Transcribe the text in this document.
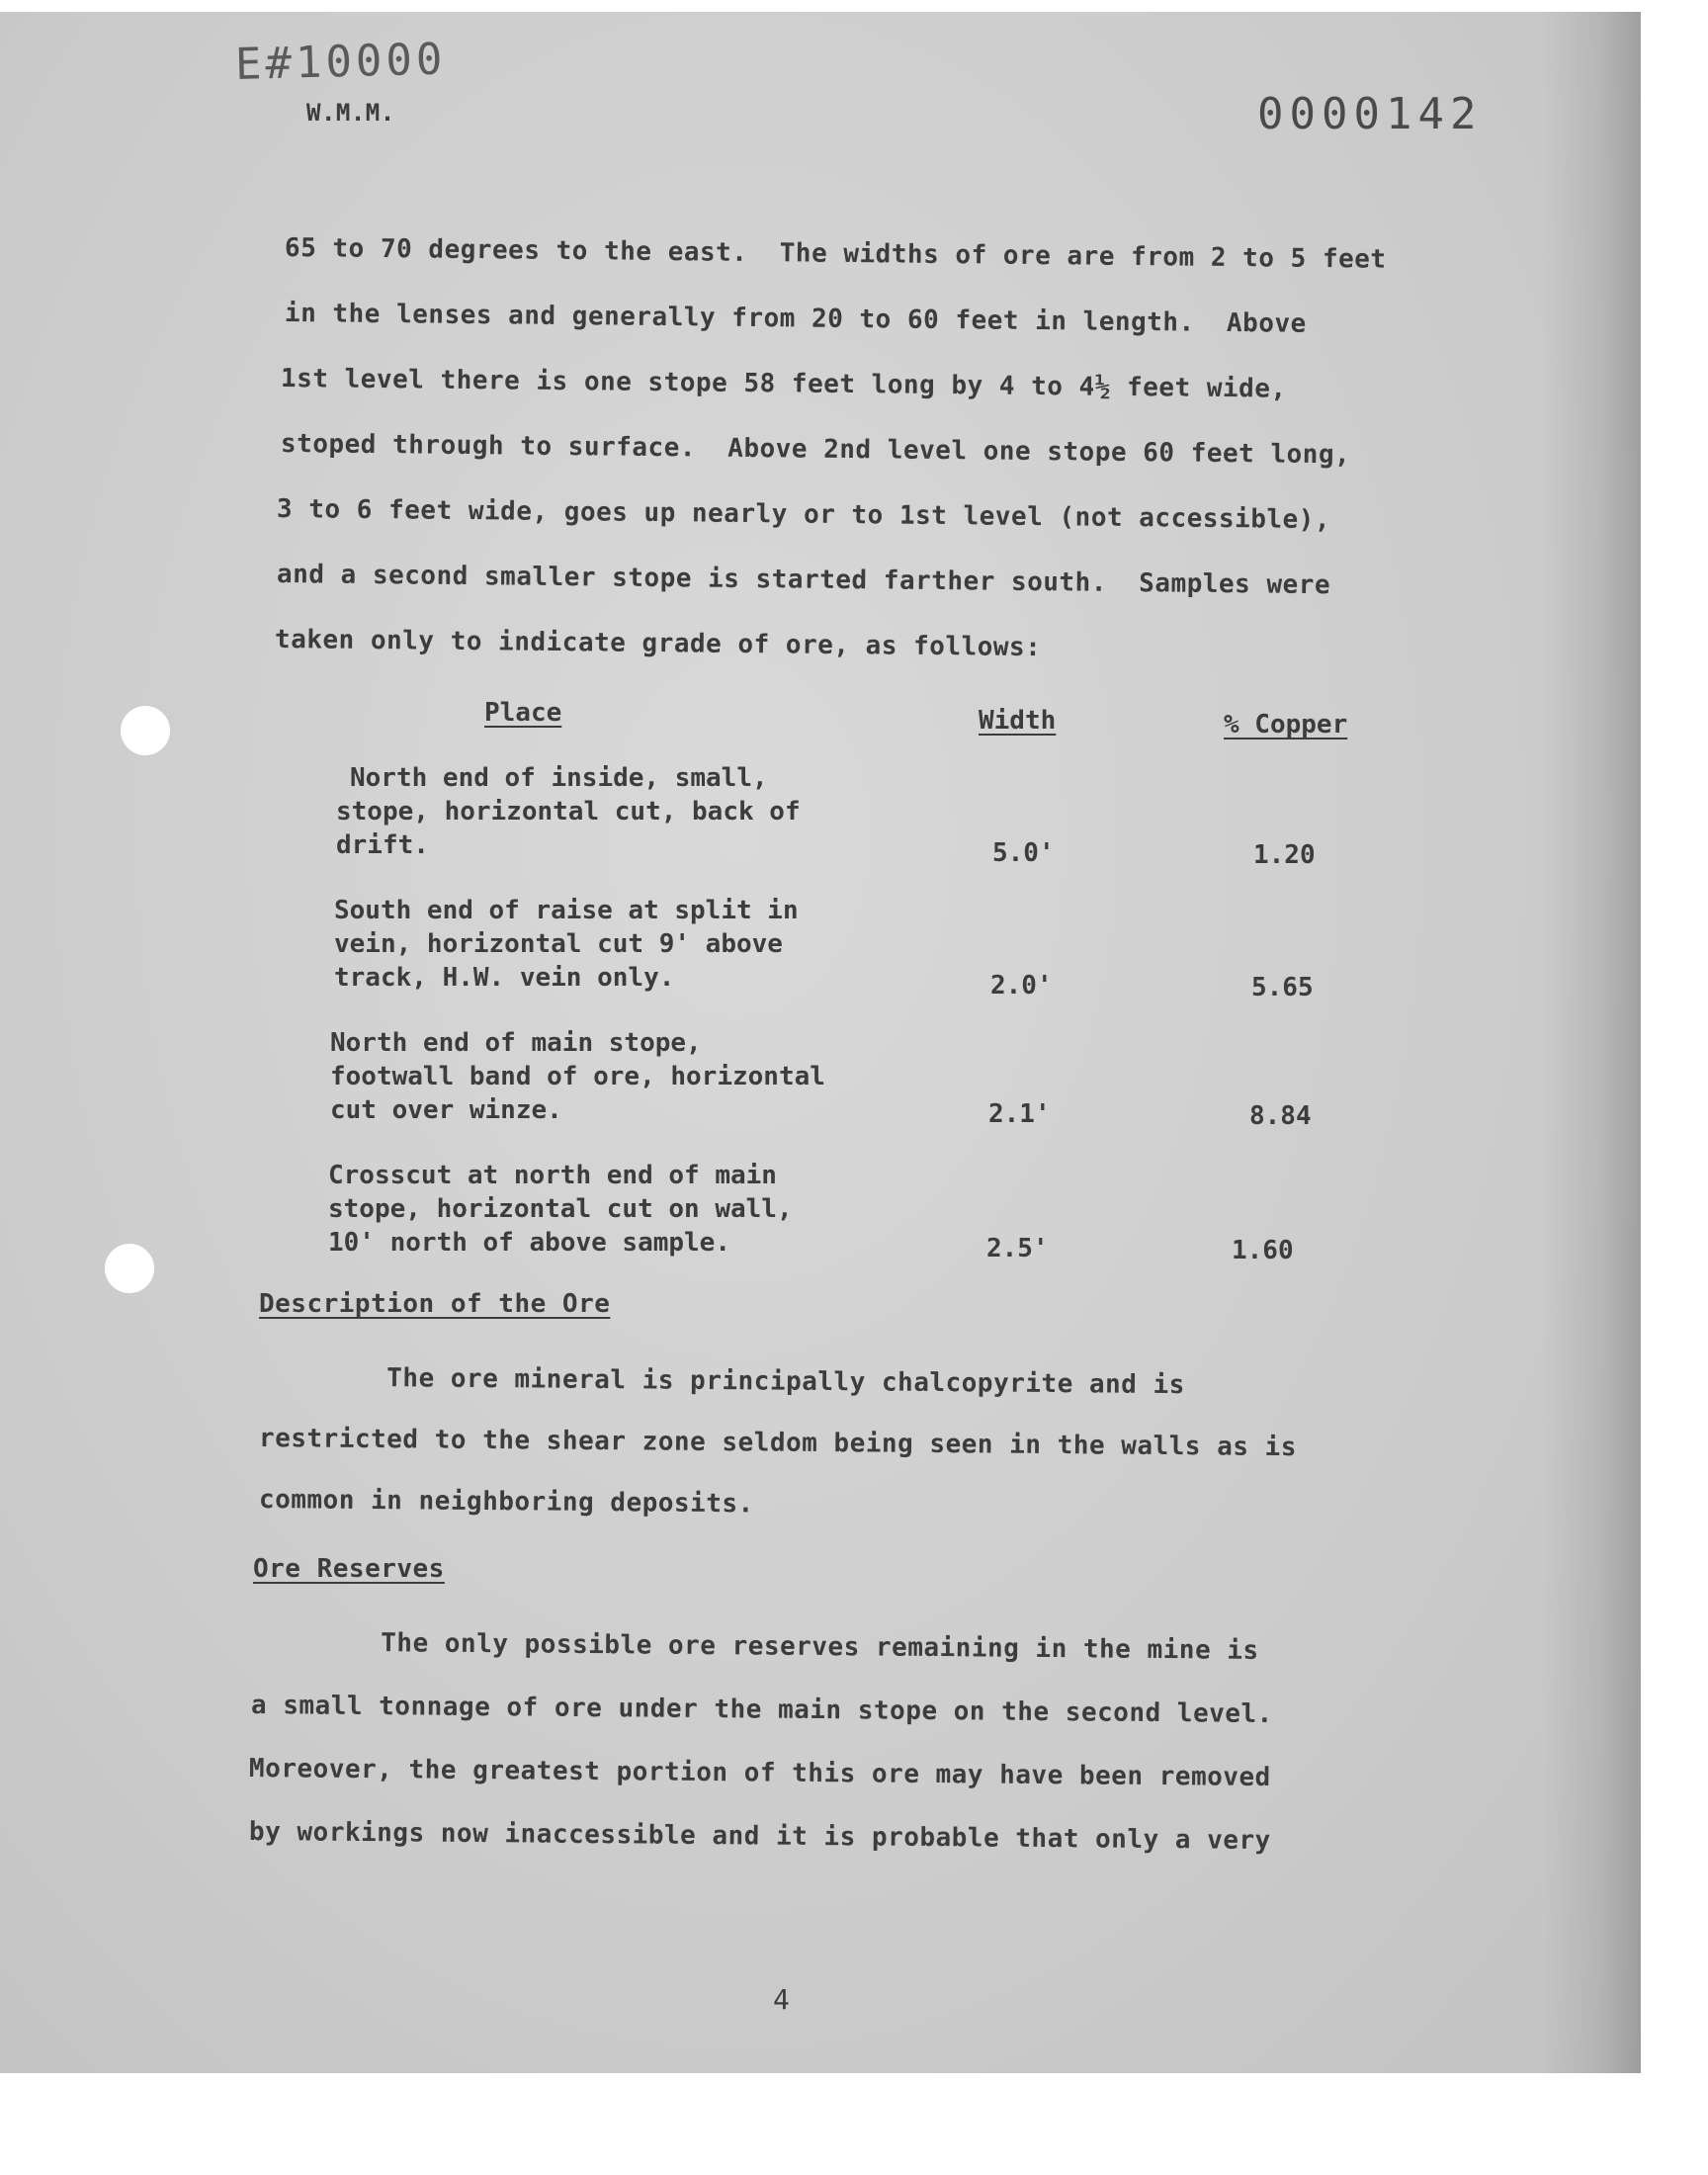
E#10000
W.M.M.	0000142
65 to 70 degrees to the east.  The widths of ore are from 2 to 5 feet
in the lenses and generally from 20 to 60 feet in length.  Above
1st level there is one stope 58 feet long by 4 to 4½ feet wide,
stoped through to surface.  Above 2nd level one stope 60 feet long,
3 to 6 feet wide, goes up nearly or to 1st level (not accessible),
and a second smaller stope is started farther south.  Samples were
taken only to indicate grade of ore, as follows:
Place	Width	% Copper
North end of inside, small,
stope, horizontal cut, back of
drift.	5.0'	1.20
South end of raise at split in
vein, horizontal cut 9' above
track, H.W. vein only.	2.0'	5.65
North end of main stope,
footwall band of ore, horizontal
cut over winze.	2.1'	8.84
Crosscut at north end of main
stope, horizontal cut on wall,
10' north of above sample.	2.5'	1.60
Description of the Ore
The ore mineral is principally chalcopyrite and is
restricted to the shear zone seldom being seen in the walls as is
common in neighboring deposits.
Ore Reserves
The only possible ore reserves remaining in the mine is
a small tonnage of ore under the main stope on the second level.
Moreover, the greatest portion of this ore may have been removed
by workings now inaccessible and it is probable that only a very
4
